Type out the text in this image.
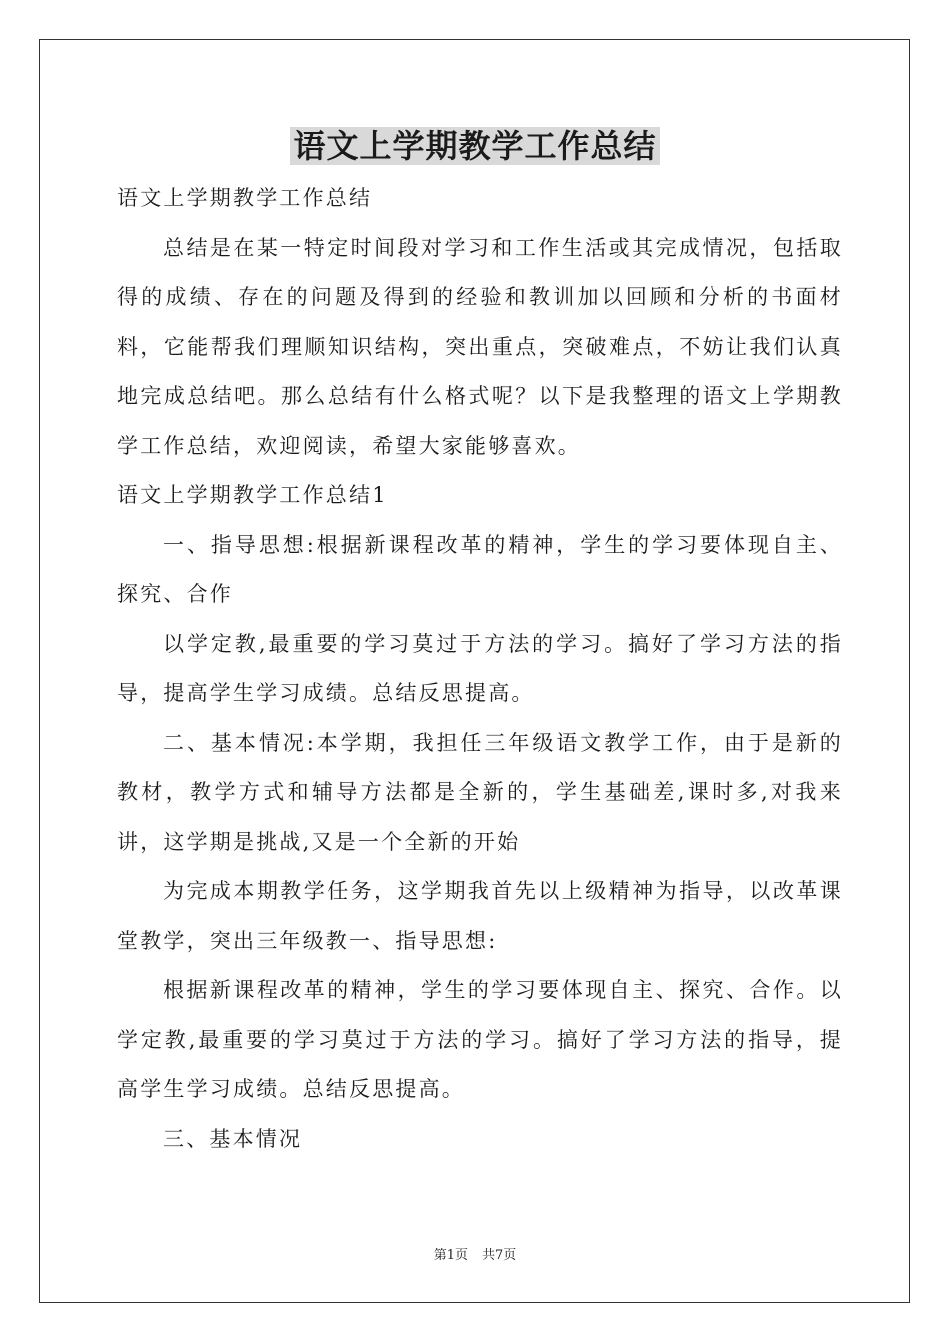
语文上学期教学工作总结

语文上学期教学工作总结

总结是在某一特定时间段对学习和工作生活或其完成情况，包括取得的成绩、存在的问题及得到的经验和教训加以回顾和分析的书面材料，它能帮我们理顺知识结构，突出重点，突破难点，不妨让我们认真地完成总结吧。那么总结有什么格式呢？以下是我整理的语文上学期教学工作总结，欢迎阅读，希望大家能够喜欢。

语文上学期教学工作总结1

一、指导思想:根据新课程改革的精神，学生的学习要体现自主、探究、合作

以学定教,最重要的学习莫过于方法的学习。搞好了学习方法的指导，提高学生学习成绩。总结反思提高。

二、基本情况:本学期，我担任三年级语文教学工作，由于是新的教材，教学方式和辅导方法都是全新的，学生基础差,课时多,对我来讲，这学期是挑战,又是一个全新的开始

为完成本期教学任务，这学期我首先以上级精神为指导，以改革课堂教学，突出三年级教一、指导思想:

根据新课程改革的精神，学生的学习要体现自主、探究、合作。以学定教,最重要的学习莫过于方法的学习。搞好了学习方法的指导，提高学生学习成绩。总结反思提高。

三、基本情况

第1页 共7页
